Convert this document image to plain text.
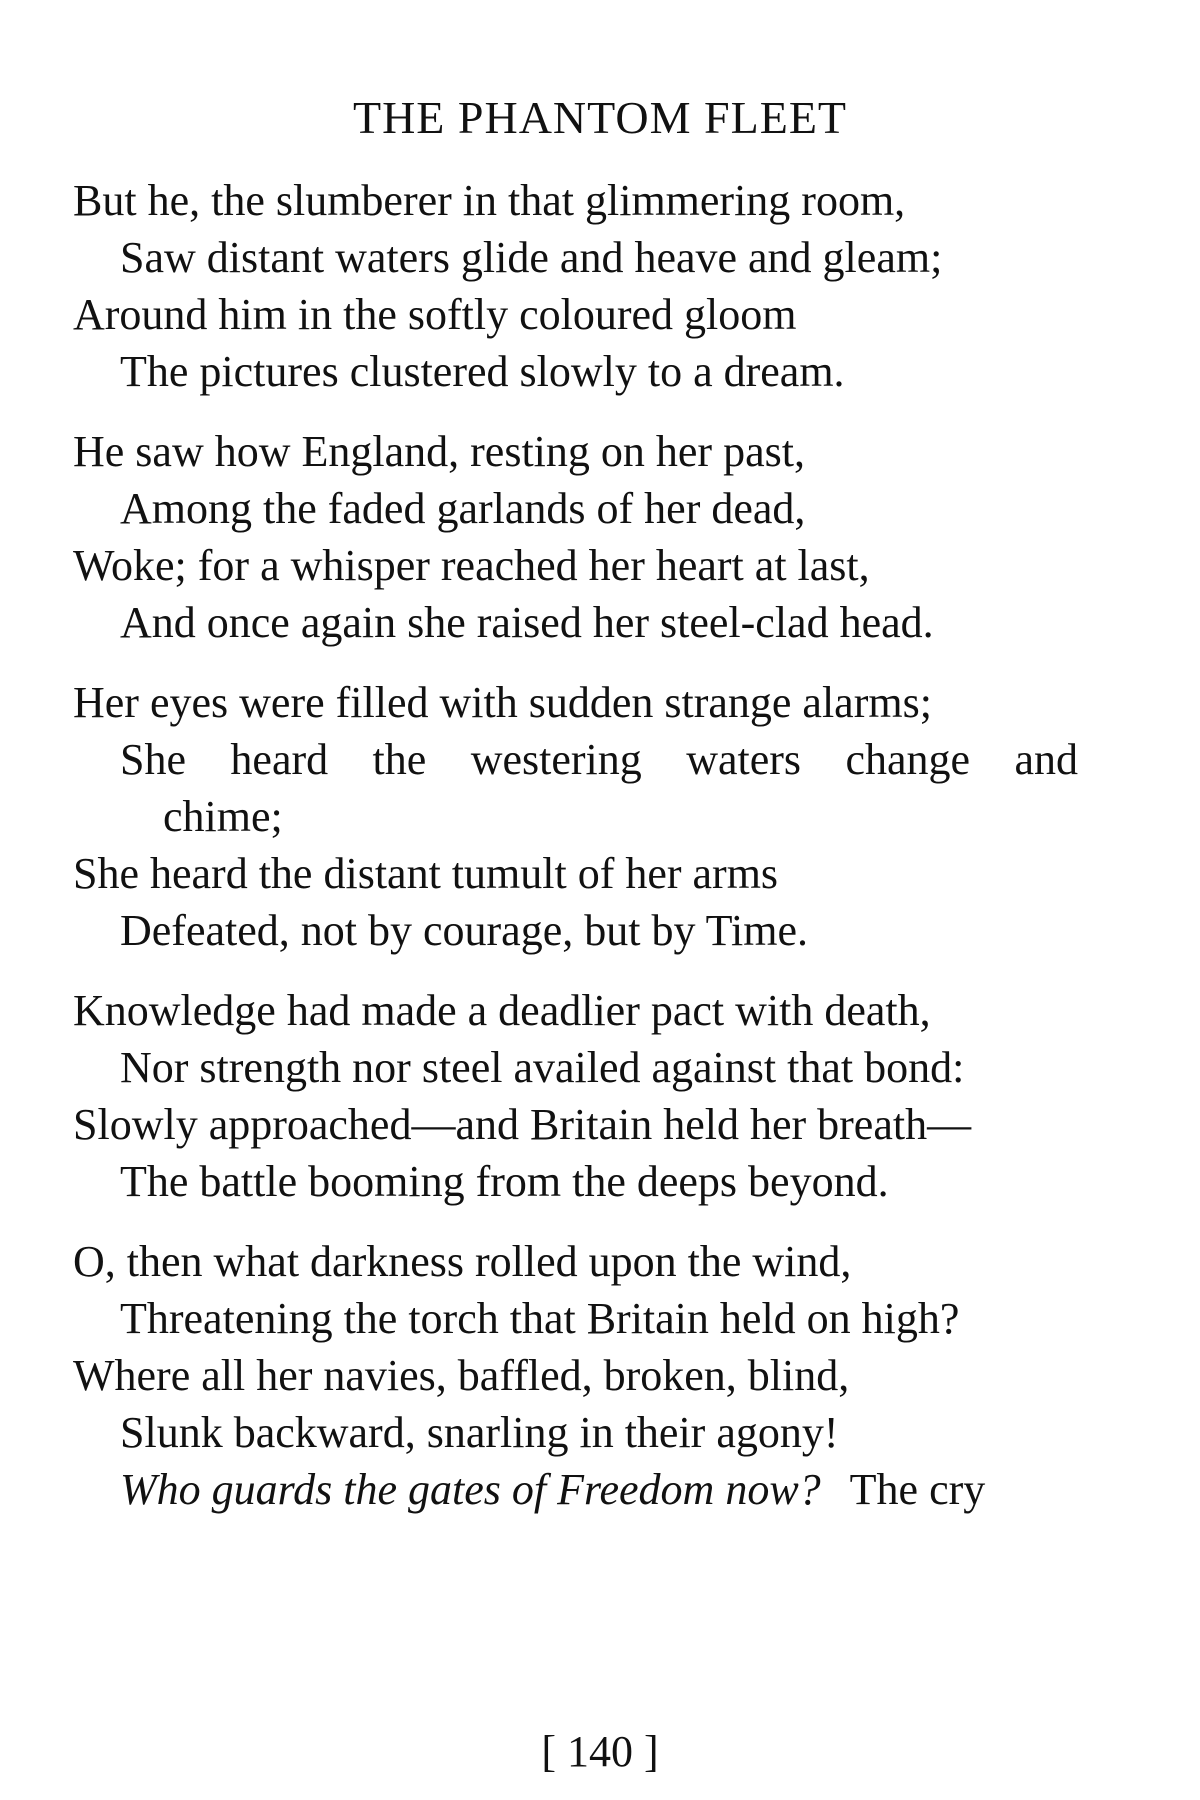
THE PHANTOM FLEET
But he, the slumberer in that glimmering room,
Saw distant waters glide and heave and gleam;
Around him in the softly coloured gloom
The pictures clustered slowly to a dream.
He saw how England, resting on her past,
Among the faded garlands of her dead,
Woke; for a whisper reached her heart at last,
And once again she raised her steel-clad head.
Her eyes were filled with sudden strange alarms;
She heard the westering waters change and
chime;
She heard the distant tumult of her arms
Defeated, not by courage, but by Time.
Knowledge had made a deadlier pact with death,
Nor strength nor steel availed against that bond:
Slowly approached—and Britain held her breath—
The battle booming from the deeps beyond.
O, then what darkness rolled upon the wind,
Threatening the torch that Britain held on high?
Where all her navies, baffled, broken, blind,
Slunk backward, snarling in their agony!
Who guards the gates of Freedom now? The cry
[ 140 ]
